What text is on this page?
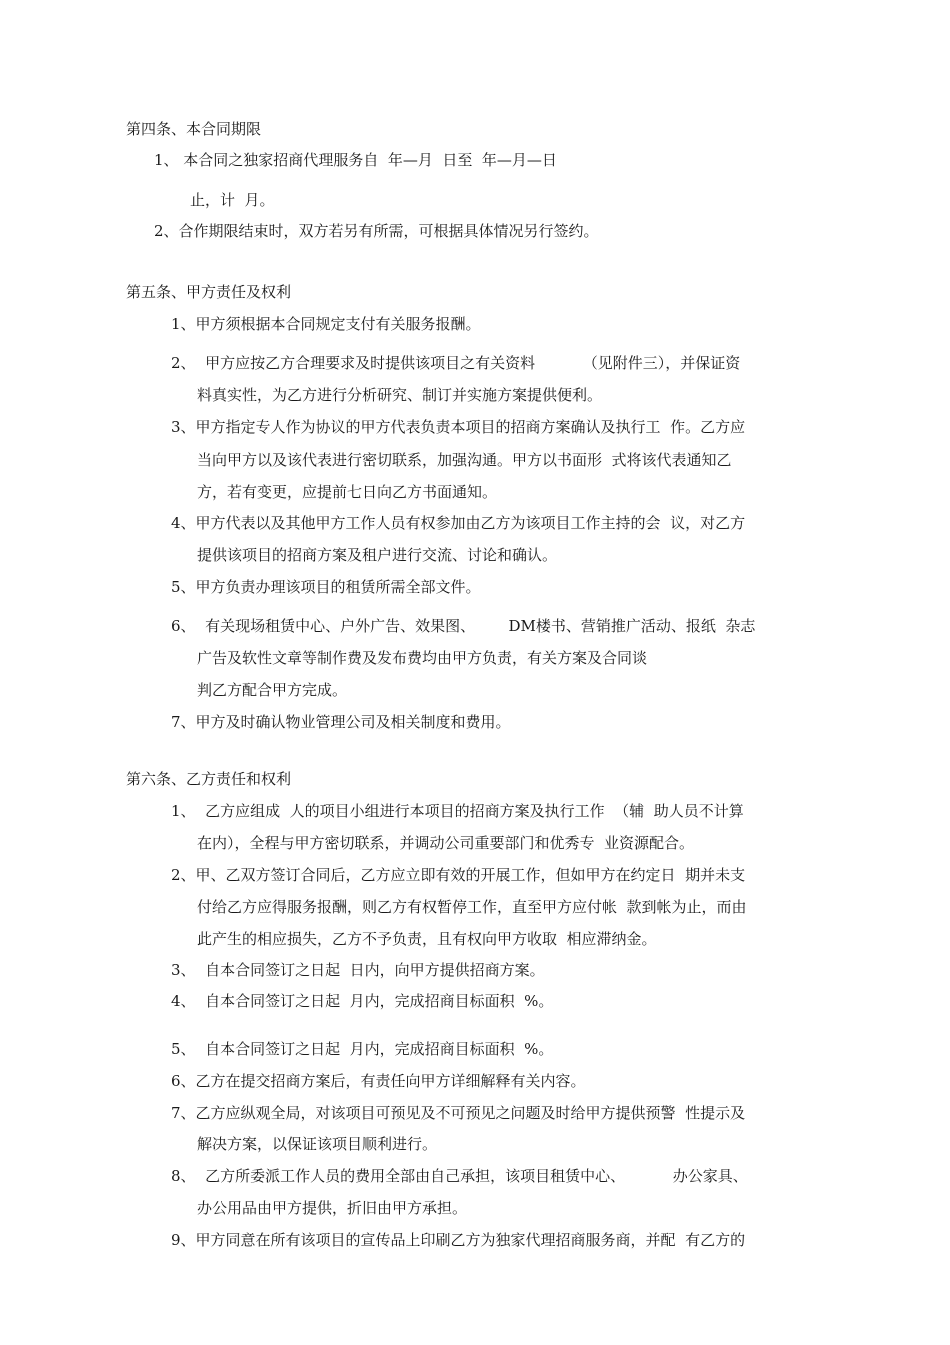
第四条、本合同期限
1、 本合同之独家招商代理服务自  年—月  日至  年—月—日
止，计  月。
2、合作期限结束时，双方若另有所需，可根据具体情况另行签约。
第五条、甲方责任及权利
1、甲方须根据本合同规定支付有关服务报酬。
2、  甲方应按乙方合理要求及时提供该项目之有关资料          （见附件三），并保证资
料真实性，为乙方进行分析研究、制订并实施方案提供便利。
3、甲方指定专人作为协议的甲方代表负责本项目的招商方案确认及执行工  作。乙方应
当向甲方以及该代表进行密切联系，加强沟通。甲方以书面形  式将该代表通知乙
方，若有变更，应提前七日向乙方书面通知。
4、甲方代表以及其他甲方工作人员有权参加由乙方为该项目工作主持的会  议，对乙方
提供该项目的招商方案及租户进行交流、讨论和确认。
5、甲方负责办理该项目的租赁所需全部文件。
6、  有关现场租赁中心、户外广告、效果图、       DM楼书、营销推广活动、报纸  杂志
广告及软性文章等制作费及发布费均由甲方负责，有关方案及合同谈
判乙方配合甲方完成。
7、甲方及时确认物业管理公司及相关制度和费用。
第六条、乙方责任和权利
1、  乙方应组成  人的项目小组进行本项目的招商方案及执行工作  （辅  助人员不计算
在内），全程与甲方密切联系，并调动公司重要部门和优秀专  业资源配合。
2、甲、乙双方签订合同后，乙方应立即有效的开展工作，但如甲方在约定日  期并未支
付给乙方应得服务报酬，则乙方有权暂停工作，直至甲方应付帐  款到帐为止，而由
此产生的相应损失，乙方不予负责，且有权向甲方收取  相应滞纳金。
3、  自本合同签订之日起  日内，向甲方提供招商方案。
4、  自本合同签订之日起  月内，完成招商目标面积  %。
5、  自本合同签订之日起  月内，完成招商目标面积  %。
6、乙方在提交招商方案后，有责任向甲方详细解释有关内容。
7、乙方应纵观全局，对该项目可预见及不可预见之问题及时给甲方提供预警  性提示及
解决方案，以保证该项目顺利进行。
8、  乙方所委派工作人员的费用全部由自己承担，该项目租赁中心、          办公家具、
办公用品由甲方提供，折旧由甲方承担。
9、甲方同意在所有该项目的宣传品上印刷乙方为独家代理招商服务商，并配  有乙方的
